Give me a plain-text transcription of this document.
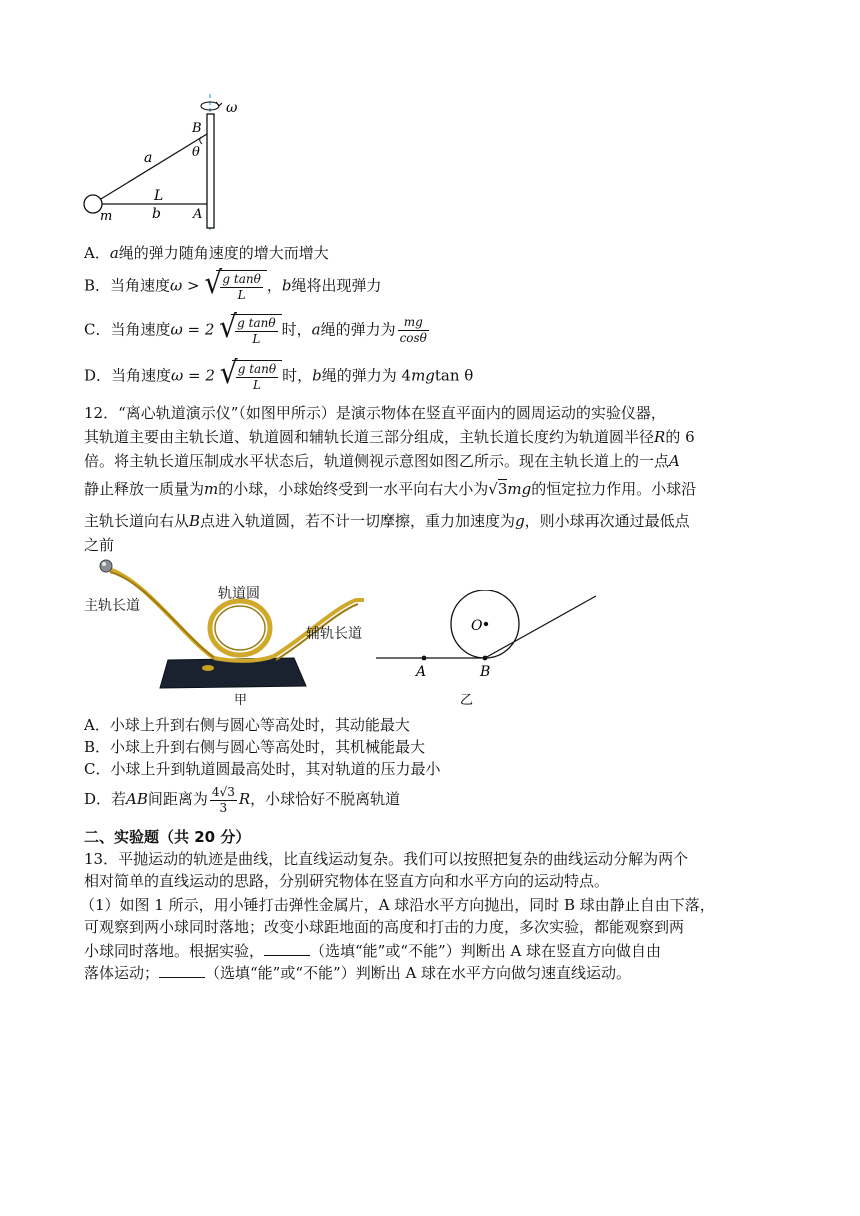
ω
B
θ
a
L
b A
m
A．a绳的弹力随角速度的增大而增大
B．当角速度ω > √
$\frac{\text{g tanθ}}{L}$ ，b绳将出现弹力
C．当角速度ω = 2 √
$\frac{\text{g tanθ}}{L}$ 时，a绳的弹力为 $\frac{mg}{\cos\theta}$
D．当角速度ω = 2 √
$\frac{\text{g tanθ}}{L}$ 时，b绳的弹力为 4mgtan θ
12．“离心轨道演示仪”（如图甲所示）是演示物体在竖直平面内的圆周运动的实验仪器，
其轨道主要由主轨长道、轨道圆和辅轨长道三部分组成，主轨长道长度约为轨道圆半径R的 6
倍。将主轨长道压制成水平状态后，轨道侧视示意图如图乙所示。现在主轨长道上的一点A
静止释放一质量为m的小球，小球始终受到一水平向右大小为√3mg的恒定拉力作用。小球沿
主轨长道向右从B点进入轨道圆，若不计一切摩擦，重力加速度为g，则小球再次通过最低点
之前
主轨长道
轨道圆
辅轨长道
甲
O
A	B
乙
A．小球上升到右侧与圆心等高处时，其动能最大
B．小球上升到右侧与圆心等高处时，其机械能最大
C．小球上升到轨道圆最高处时，其对轨道的压力最小
D．若AB间距离为 $\frac{4√3}{3}$ R，小球恰好不脱离轨道
二、实验题（共 20 分）
13．平抛运动的轨迹是曲线，比直线运动复杂。我们可以按照把复杂的曲线运动分解为两个
相对简单的直线运动的思路，分别研究物体在竖直方向和水平方向的运动特点。
（1）如图 1 所示，用小锤打击弹性金属片，A 球沿水平方向抛出，同时 B 球由静止自由下落，
可观察到两小球同时落地；改变小球距地面的高度和打击的力度，多次实验，都能观察到两
小球同时落地。根据实验，	（选填“能”或“不能”）判断出 A 球在竖直方向做自由
落体运动；	（选填“能”或“不能”）判断出 A 球在水平方向做匀速直线运动。
